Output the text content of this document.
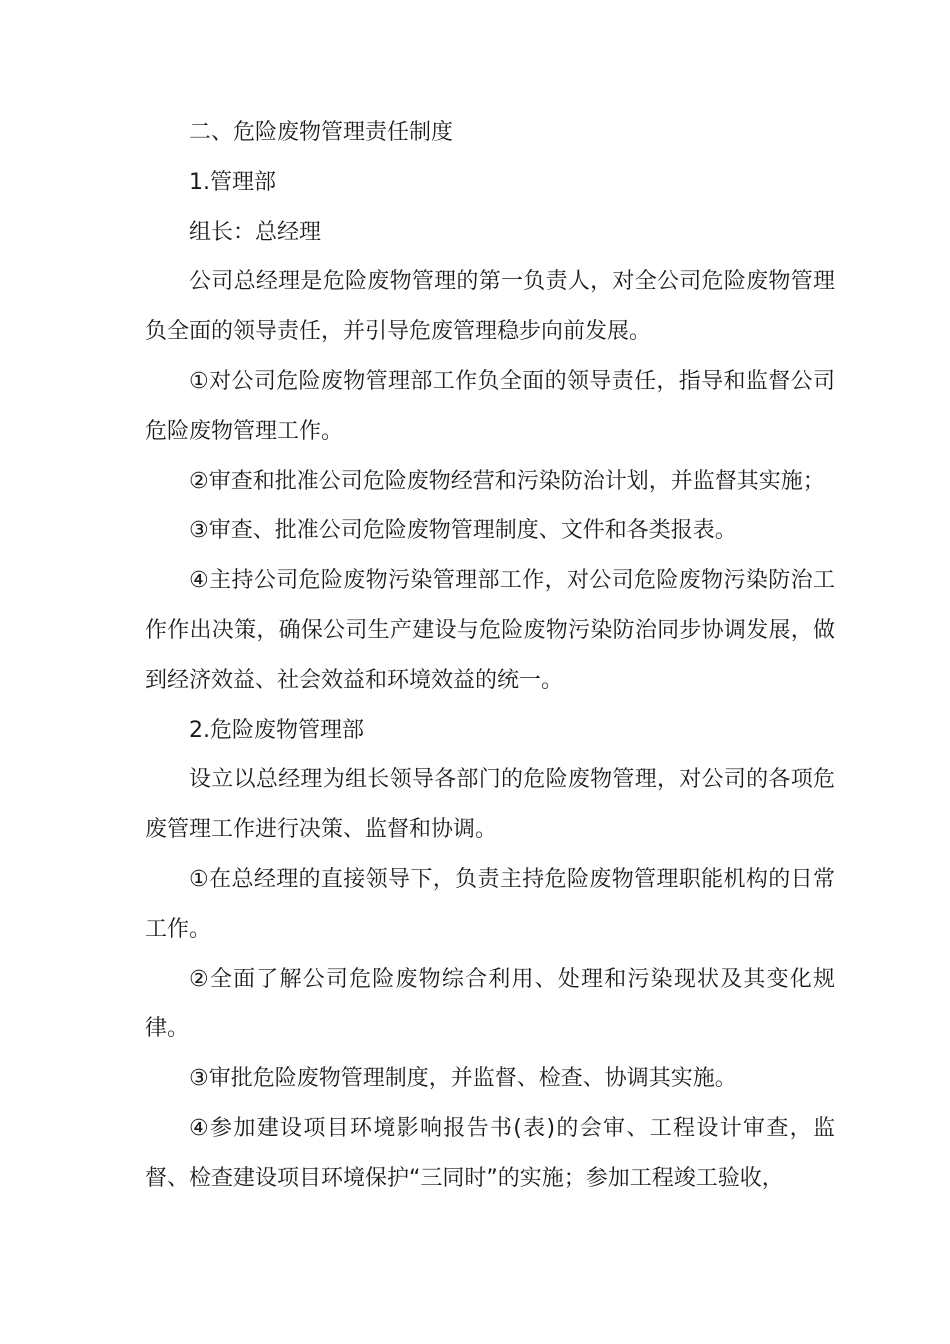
二、危险废物管理责任制度

1.管理部

组长：总经理

公司总经理是危险废物管理的第一负责人，对全公司危险废物管理负全面的领导责任，并引导危废管理稳步向前发展。

①对公司危险废物管理部工作负全面的领导责任，指导和监督公司危险废物管理工作。

②审查和批准公司危险废物经营和污染防治计划，并监督其实施；

③审查、批准公司危险废物管理制度、文件和各类报表。

④主持公司危险废物污染管理部工作，对公司危险废物污染防治工作作出决策，确保公司生产建设与危险废物污染防治同步协调发展，做到经济效益、社会效益和环境效益的统一。

2.危险废物管理部

设立以总经理为组长领导各部门的危险废物管理，对公司的各项危废管理工作进行决策、监督和协调。

①在总经理的直接领导下，负责主持危险废物管理职能机构的日常工作。

②全面了解公司危险废物综合利用、处理和污染现状及其变化规律。

③审批危险废物管理制度，并监督、检查、协调其实施。

④参加建设项目环境影响报告书(表)的会审、工程设计审查，监督、检查建设项目环境保护“三同时”的实施；参加工程竣工验收，
